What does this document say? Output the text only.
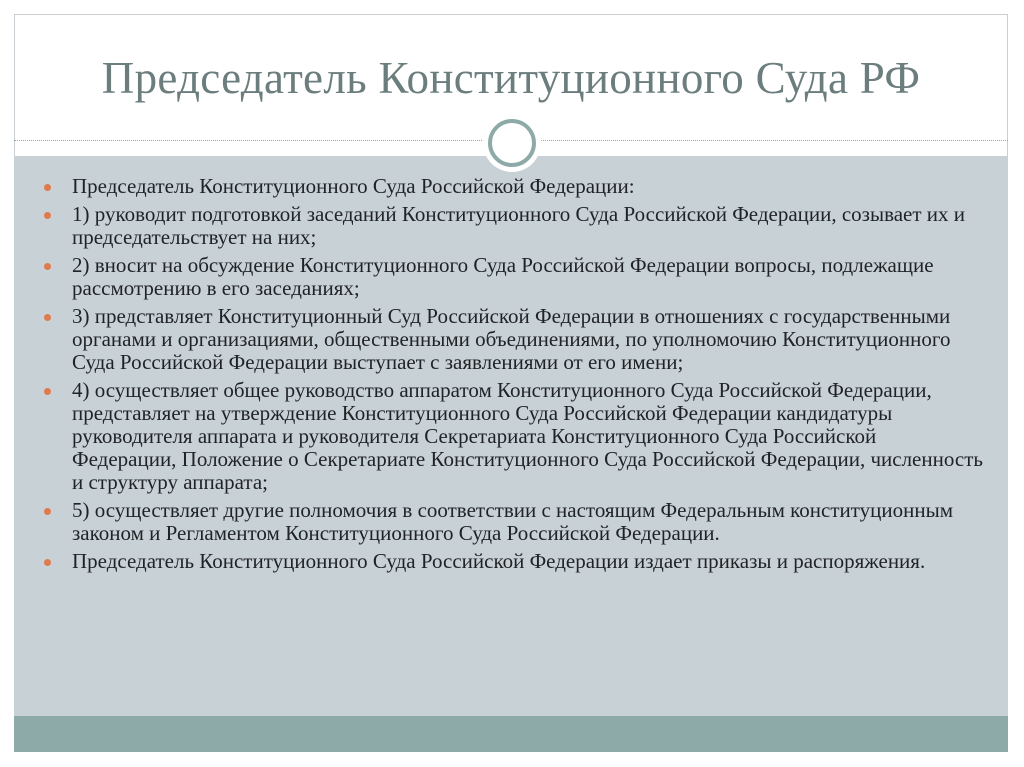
Председатель Конституционного Суда РФ
Председатель Конституционного Суда Российской Федерации:
1) руководит подготовкой заседаний Конституционного Суда Российской Федерации, созывает их и председательствует на них;
2) вносит на обсуждение Конституционного Суда Российской Федерации вопросы, подлежащие рассмотрению в его заседаниях;
3) представляет Конституционный Суд Российской Федерации в отношениях с государственными органами и организациями, общественными объединениями, по уполномочию Конституционного Суда Российской Федерации выступает с заявлениями от его имени;
4) осуществляет общее руководство аппаратом Конституционного Суда Российской Федерации, представляет на утверждение Конституционного Суда Российской Федерации кандидатуры руководителя аппарата и руководителя Секретариата Конституционного Суда Российской Федерации, Положение о Секретариате Конституционного Суда Российской Федерации, численность и структуру аппарата;
5) осуществляет другие полномочия в соответствии с настоящим Федеральным конституционным законом и Регламентом Конституционного Суда Российской Федерации.
Председатель Конституционного Суда Российской Федерации издает приказы и распоряжения.
